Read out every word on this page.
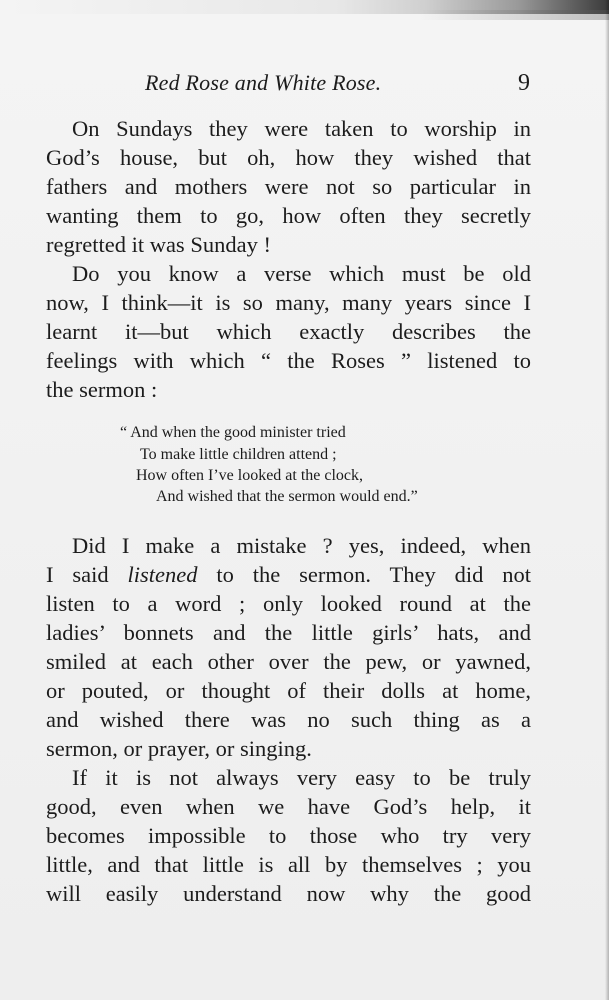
Red Rose and White Rose.	9
On Sundays they were taken to worship in
God’s house, but oh, how they wished that
fathers and mothers were not so particular in
wanting them to go, how often they secretly
regretted it was Sunday !
Do you know a verse which must be old
now, I think—it is so many, many years since I
learnt it—but which exactly describes the
feelings with which “ the Roses ” listened to
the sermon :
“ And when the good minister tried
To make little children attend ;
How often I’ve looked at the clock,
And wished that the sermon would end.”
Did I make a mistake ? yes, indeed, when
I said listened to the sermon. They did not
listen to a word ; only looked round at the
ladies’ bonnets and the little girls’ hats, and
smiled at each other over the pew, or yawned,
or pouted, or thought of their dolls at home,
and wished there was no such thing as a
sermon, or prayer, or singing.
If it is not always very easy to be truly
good, even when we have God’s help, it
becomes impossible to those who try very
little, and that little is all by themselves ; you
will easily understand now why the good
